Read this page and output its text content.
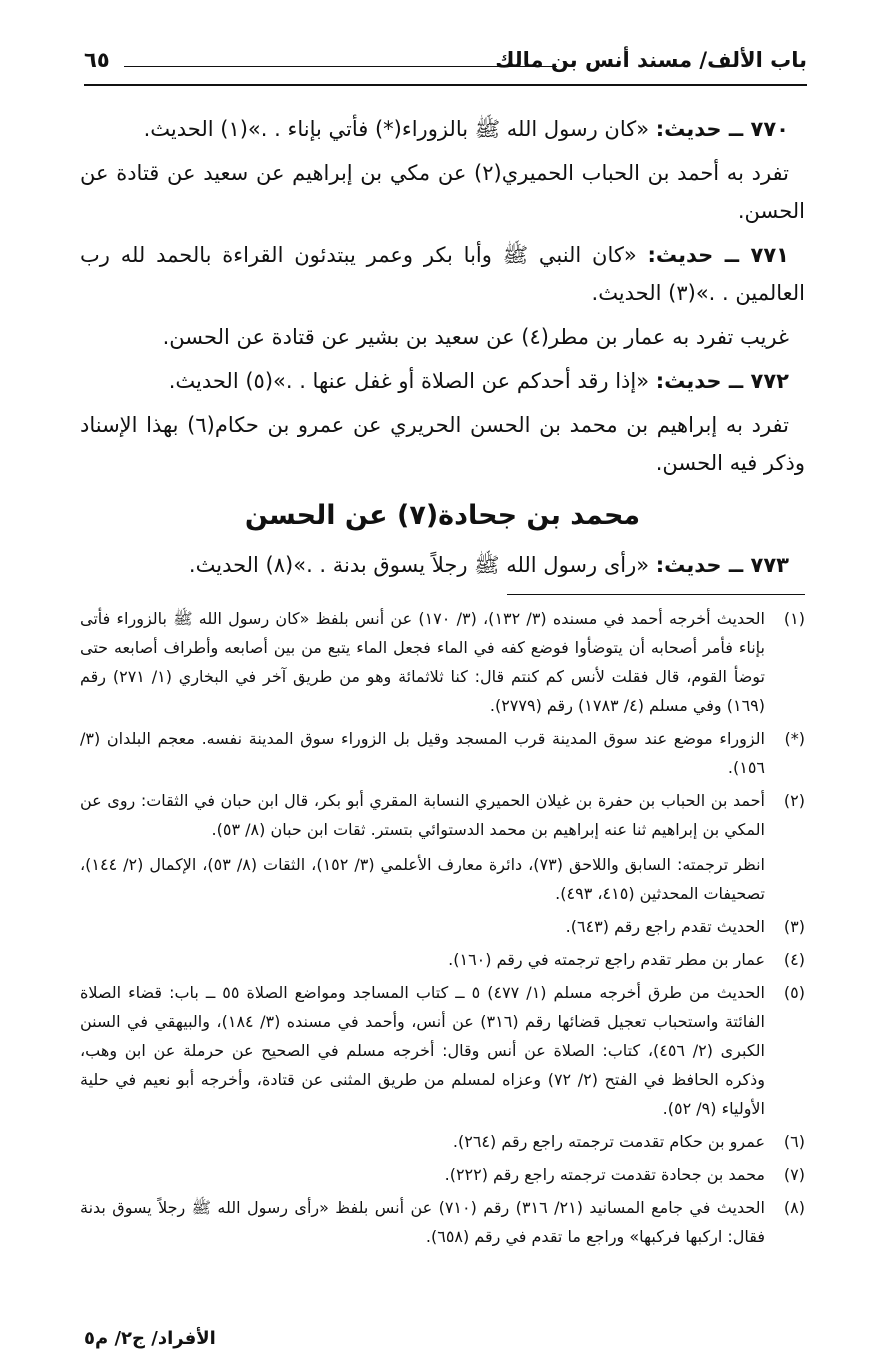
باب الألف/ مسند أنس بن مالك
٦٥

٧٧٠ ــ حديث: «كان رسول الله ﷺ بالزوراء(*) فأتي بإناء . .»(١) الحديث.

تفرد به أحمد بن الحباب الحميري(٢) عن مكي بن إبراهيم عن سعيد عن قتادة عن الحسن.

٧٧١ ــ حديث: «كان النبي ﷺ وأبا بكر وعمر يبتدئون القراءة بالحمد لله رب العالمين . .»(٣) الحديث.

غريب تفرد به عمار بن مطر(٤) عن سعيد بن بشير عن قتادة عن الحسن.

٧٧٢ ــ حديث: «إذا رقد أحدكم عن الصلاة أو غفل عنها . .»(٥) الحديث.

تفرد به إبراهيم بن محمد بن الحسن الحريري عن عمرو بن حكام(٦) بهذا الإسناد وذكر فيه الحسن.

محمد بن جحادة(٧) عن الحسن

٧٧٣ ــ حديث: «رأى رسول الله ﷺ رجلاً يسوق بدنة . .»(٨) الحديث.

(١)

الحديث أخرجه أحمد في مسنده (٣/ ١٣٢)، (٣/ ١٧٠) عن أنس بلفظ «كان رسول الله ﷺ بالزوراء فأتى بإناء فأمر أصحابه أن يتوضأوا فوضع كفه في الماء فجعل الماء يتبع من بين أصابعه وأطراف أصابعه حتى توضأ القوم، قال فقلت لأنس كم كنتم قال: كنا ثلاثمائة وهو من طريق آخر في البخاري (١/ ٢٧١) رقم (١٦٩) وفي مسلم (٤/ ١٧٨٣) رقم (٢٧٧٩).

(*)

الزوراء موضع عند سوق المدينة قرب المسجد وقيل بل الزوراء سوق المدينة نفسه. معجم البلدان (٣/ ١٥٦).

(٢)

أحمد بن الحباب بن حفرة بن غيلان الحميري النسابة المقري أبو بكر، قال ابن حبان في الثقات: روى عن المكي بن إبراهيم ثنا عنه إبراهيم بن محمد الدستوائي بتستر. ثقات ابن حبان (٨/ ٥٣).

انظر ترجمته: السابق واللاحق (٧٣)، دائرة معارف الأعلمي (٣/ ١٥٢)، الثقات (٨/ ٥٣)، الإكمال (٢/ ١٤٤)، تصحيفات المحدثين (٤١٥، ٤٩٣).

(٣)

الحديث تقدم راجع رقم (٦٤٣).

(٤)

عمار بن مطر تقدم راجع ترجمته في رقم (١٦٠).

(٥)

الحديث من طرق أخرجه مسلم (١/ ٤٧٧) ٥ ــ كتاب المساجد ومواضع الصلاة ٥٥ ــ باب: قضاء الصلاة الفائتة واستحباب تعجيل قضائها رقم (٣١٦) عن أنس، وأحمد في مسنده (٣/ ١٨٤)، والبيهقي في السنن الكبرى (٢/ ٤٥٦)، كتاب: الصلاة عن أنس وقال: أخرجه مسلم في الصحيح عن حرملة عن ابن وهب، وذكره الحافظ في الفتح (٢/ ٧٢) وعزاه لمسلم من طريق المثنى عن قتادة، وأخرجه أبو نعيم في حلية الأولياء (٩/ ٥٢).

(٦)

عمرو بن حكام تقدمت ترجمته راجع رقم (٢٦٤).

(٧)

محمد بن جحادة تقدمت ترجمته راجع رقم (٢٢٢).

(٨)

الحديث في جامع المسانيد (٢١/ ٣١٦) رقم (٧١٠) عن أنس بلفظ «رأى رسول الله ﷺ رجلاً يسوق بدنة فقال: اركبها فركبها» وراجع ما تقدم في رقم (٦٥٨).

الأفراد/ ج٢/ م٥
